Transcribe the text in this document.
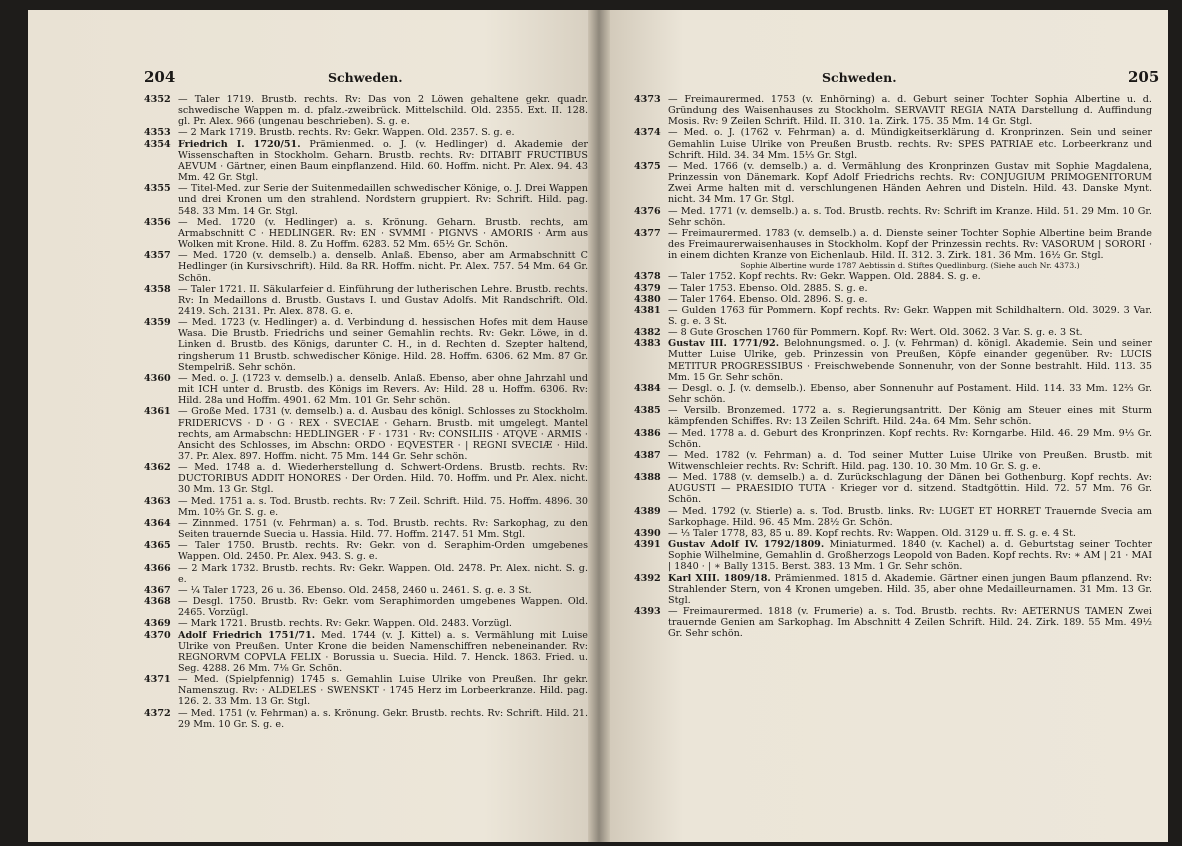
204	Schweden.
4352 — Taler 1719. Brustb. rechts. Rv: Das von 2 Löwen gehaltene gekr. quadr. schwedische Wappen m. d. pfalz.-zweibrück. Mittelschild. Old. 2355. Ext. II. 128. gl. Pr. Alex. 966 (ungenau beschrieben). S. g. e.
4353 — 2 Mark 1719. Brustb. rechts. Rv: Gekr. Wappen. Old. 2357. S. g. e.
4354 Friedrich I. 1720/51. Prämienmed. o. J. (v. Hedlinger) d. Akademie der Wissenschaften in Stockholm. Geharn. Brustb. rechts. Rv: DITABIT FRUCTIBUS AEVUM · Gärtner, einen Baum einpflanzend. Hild. 60. Hoffm. nicht. Pr. Alex. 94. 43 Mm. 42 Gr. Stgl.
4355 — Titel-Med. zur Serie der Suitenmedaillen schwedischer Könige, o. J. Drei Wappen und drei Kronen um den strahlend. Nordstern gruppiert. Rv: Schrift. Hild. pag. 548. 33 Mm. 14 Gr. Stgl.
4356 — Med. 1720 (v. Hedlinger) a. s. Krönung. Geharn. Brustb. rechts, am Armabschnitt C · HEDLINGER. Rv: EN · SVMMI · PIGNVS · AMORIS · Arm aus Wolken mit Krone. Hild. 8. Zu Hoffm. 6283. 52 Mm. 65½ Gr. Schön.
4357 — Med. 1720 (v. demselb.) a. denselb. Anlaß. Ebenso, aber am Armabschnitt C Hedlinger (in Kursivschrift). Hild. 8a RR. Hoffm. nicht. Pr. Alex. 757. 54 Mm. 64 Gr. Schön.
4358 — Taler 1721. II. Säkularfeier d. Einführung der lutherischen Lehre. Brustb. rechts. Rv: In Medaillons d. Brustb. Gustavs I. und Gustav Adolfs. Mit Randschrift. Old. 2419. Sch. 2131. Pr. Alex. 878. G. e.
4359 — Med. 1723 (v. Hedlinger) a. d. Verbindung d. hessischen Hofes mit dem Hause Wasa. Die Brustb. Friedrichs und seiner Gemahlin rechts. Rv: Gekr. Löwe, in d. Linken d. Brustb. des Königs, darunter C. H., in d. Rechten d. Szepter haltend, ringsherum 11 Brustb. schwedischer Könige. Hild. 28. Hoffm. 6306. 62 Mm. 87 Gr. Stempelriß. Sehr schön.
4360 — Med. o. J. (1723 v. demselb.) a. denselb. Anlaß. Ebenso, aber ohne Jahrzahl und mit ICH unter d. Brustb. des Königs im Revers. Av: Hild. 28 u. Hoffm. 6306. Rv: Hild. 28a und Hoffm. 4901. 62 Mm. 101 Gr. Sehr schön.
4361 — Große Med. 1731 (v. demselb.) a. d. Ausbau des königl. Schlosses zu Stockholm. FRIDERICVS · D · G · REX · SVECIAE · Geharn. Brustb. mit umgelegt. Mantel rechts, am Armabschn: HEDLINGER · F · 1731 · Rv: CONSILIIS · ATQVE · ARMIS · Ansicht des Schlosses, im Abschn: ORDO · EQVESTER · | REGNI SVECIÆ · Hild. 37. Pr. Alex. 897. Hoffm. nicht. 75 Mm. 144 Gr. Sehr schön.
4362 — Med. 1748 a. d. Wiederherstellung d. Schwert-Ordens. Brustb. rechts. Rv: DUCTORIBUS ADDIT HONORES · Der Orden. Hild. 70. Hoffm. und Pr. Alex. nicht. 30 Mm. 13 Gr. Stgl.
4363 — Med. 1751 a. s. Tod. Brustb. rechts. Rv: 7 Zeil. Schrift. Hild. 75. Hoffm. 4896. 30 Mm. 10⅔ Gr. S. g. e.
4364 — Zinnmed. 1751 (v. Fehrman) a. s. Tod. Brustb. rechts. Rv: Sarkophag, zu den Seiten trauernde Suecia u. Hassia. Hild. 77. Hoffm. 2147. 51 Mm. Stgl.
4365 — Taler 1750. Brustb. rechts. Rv: Gekr. von d. Seraphim-Orden umgebenes Wappen. Old. 2450. Pr. Alex. 943. S. g. e.
4366 — 2 Mark 1732. Brustb. rechts. Rv: Gekr. Wappen. Old. 2478. Pr. Alex. nicht. S. g. e.
4367 — ¼ Taler 1723, 26 u. 36. Ebenso. Old. 2458, 2460 u. 2461. S. g. e. 3 St.
4368 — Desgl. 1750. Brustb. Rv: Gekr. vom Seraphimorden umgebenes Wappen. Old. 2465. Vorzügl.
4369 — Mark 1721. Brustb. rechts. Rv: Gekr. Wappen. Old. 2483. Vorzügl.
4370 Adolf Friedrich 1751/71. Med. 1744 (v. J. Kittel) a. s. Vermählung mit Luise Ulrike von Preußen. Unter Krone die beiden Namenschiffren nebeneinander. Rv: REGNORVM COPVLA FELIX · Borussia u. Suecia. Hild. 7. Henck. 1863. Fried. u. Seg. 4288. 26 Mm. 7⅛ Gr. Schön.
4371 — Med. (Spielpfennig) 1745 s. Gemahlin Luise Ulrike von Preußen. Ihr gekr. Namenszug. Rv: · ALDELES · SWENSKT · 1745 Herz im Lorbeerkranze. Hild. pag. 126. 2. 33 Mm. 13 Gr. Stgl.
4372 — Med. 1751 (v. Fehrman) a. s. Krönung. Gekr. Brustb. rechts. Rv: Schrift. Hild. 21. 29 Mm. 10 Gr. S. g. e.
Schweden.	205
4373 — Freimaurermed. 1753 (v. Enhörning) a. d. Geburt seiner Tochter Sophia Albertine u. d. Gründung des Waisenhauses zu Stockholm. SERVAVIT REGIA NATA Darstellung d. Auffindung Mosis. Rv: 9 Zeilen Schrift. Hild. II. 310. 1a. Zirk. 175. 35 Mm. 14 Gr. Stgl.
4374 — Med. o. J. (1762 v. Fehrman) a. d. Mündigkeitserklärung d. Kronprinzen. Sein und seiner Gemahlin Luise Ulrike von Preußen Brustb. rechts. Rv: SPES PATRIAE etc. Lorbeerkranz und Schrift. Hild. 34. 34 Mm. 15⅓ Gr. Stgl.
4375 — Med. 1766 (v. demselb.) a. d. Vermählung des Kronprinzen Gustav mit Sophie Magdalena, Prinzessin von Dänemark. Kopf Adolf Friedrichs rechts. Rv: CONJUGIUM PRIMOGENITORUM Zwei Arme halten mit d. verschlungenen Händen Aehren und Disteln. Hild. 43. Danske Mynt. nicht. 34 Mm. 17 Gr. Stgl.
4376 — Med. 1771 (v. demselb.) a. s. Tod. Brustb. rechts. Rv: Schrift im Kranze. Hild. 51. 29 Mm. 10 Gr. Sehr schön.
4377 — Freimaurermed. 1783 (v. demselb.) a. d. Dienste seiner Tochter Sophie Albertine beim Brande des Freimaurerwaisenhauses in Stockholm. Kopf der Prinzessin rechts. Rv: VASORUM | SORORI · in einem dichten Kranze von Eichenlaub. Hild. II. 312. 3. Zirk. 181. 36 Mm. 16½ Gr. Stgl.
Sophie Albertine wurde 1787 Aebtissin d. Stiftes Quedlinburg. (Siehe auch Nr. 4373.)
4378 — Taler 1752. Kopf rechts. Rv: Gekr. Wappen. Old. 2884. S. g. e.
4379 — Taler 1753. Ebenso. Old. 2885. S. g. e.
4380 — Taler 1764. Ebenso. Old. 2896. S. g. e.
4381 — Gulden 1763 für Pommern. Kopf rechts. Rv: Gekr. Wappen mit Schildhaltern. Old. 3029. 3 Var. S. g. e. 3 St.
4382 — 8 Gute Groschen 1760 für Pommern. Kopf. Rv: Wert. Old. 3062. 3 Var. S. g. e. 3 St.
4383 Gustav III. 1771/92. Belohnungsmed. o. J. (v. Fehrman) d. königl. Akademie. Sein und seiner Mutter Luise Ulrike, geb. Prinzessin von Preußen, Köpfe einander gegenüber. Rv: LUCIS METITUR PROGRESSIBUS · Freischwebende Sonnenuhr, von der Sonne bestrahlt. Hild. 113. 35 Mm. 15 Gr. Sehr schön.
4384 — Desgl. o. J. (v. demselb.). Ebenso, aber Sonnenuhr auf Postament. Hild. 114. 33 Mm. 12⅔ Gr. Sehr schön.
4385 — Versilb. Bronzemed. 1772 a. s. Regierungsantritt. Der König am Steuer eines mit Sturm kämpfenden Schiffes. Rv: 13 Zeilen Schrift. Hild. 24a. 64 Mm. Sehr schön.
4386 — Med. 1778 a. d. Geburt des Kronprinzen. Kopf rechts. Rv: Korngarbe. Hild. 46. 29 Mm. 9⅓ Gr. Schön.
4387 — Med. 1782 (v. Fehrman) a. d. Tod seiner Mutter Luise Ulrike von Preußen. Brustb. mit Witwenschleier rechts. Rv: Schrift. Hild. pag. 130. 10. 30 Mm. 10 Gr. S. g. e.
4388 — Med. 1788 (v. demselb.) a. d. Zurückschlagung der Dänen bei Gothenburg. Kopf rechts. Av: AUGUSTI — PRAESIDIO TUTA · Krieger vor d. sitzend. Stadtgöttin. Hild. 72. 57 Mm. 76 Gr. Schön.
4389 — Med. 1792 (v. Stierle) a. s. Tod. Brustb. links. Rv: LUGET ET HORRET Trauernde Svecia am Sarkophage. Hild. 96. 45 Mm. 28½ Gr. Schön.
4390 — ⅓ Taler 1778, 83, 85 u. 89. Kopf rechts. Rv: Wappen. Old. 3129 u. ff. S. g. e. 4 St.
4391 Gustav Adolf IV. 1792/1809. Miniaturmed. 1840 (v. Kachel) a. d. Geburtstag seiner Tochter Sophie Wilhelmine, Gemahlin d. Großherzogs Leopold von Baden. Kopf rechts. Rv: ∗ AM | 21 · MAI | 1840 · | ∗ Bally 1315. Berst. 383. 13 Mm. 1 Gr. Sehr schön.
4392 Karl XIII. 1809/18. Prämienmed. 1815 d. Akademie. Gärtner einen jungen Baum pflanzend. Rv: Strahlender Stern, von 4 Kronen umgeben. Hild. 35, aber ohne Medailleurnamen. 31 Mm. 13 Gr. Stgl.
4393 — Freimaurermed. 1818 (v. Frumerie) a. s. Tod. Brustb. rechts. Rv: AETERNUS TAMEN Zwei trauernde Genien am Sarkophag. Im Abschnitt 4 Zeilen Schrift. Hild. 24. Zirk. 189. 55 Mm. 49½ Gr. Sehr schön.
